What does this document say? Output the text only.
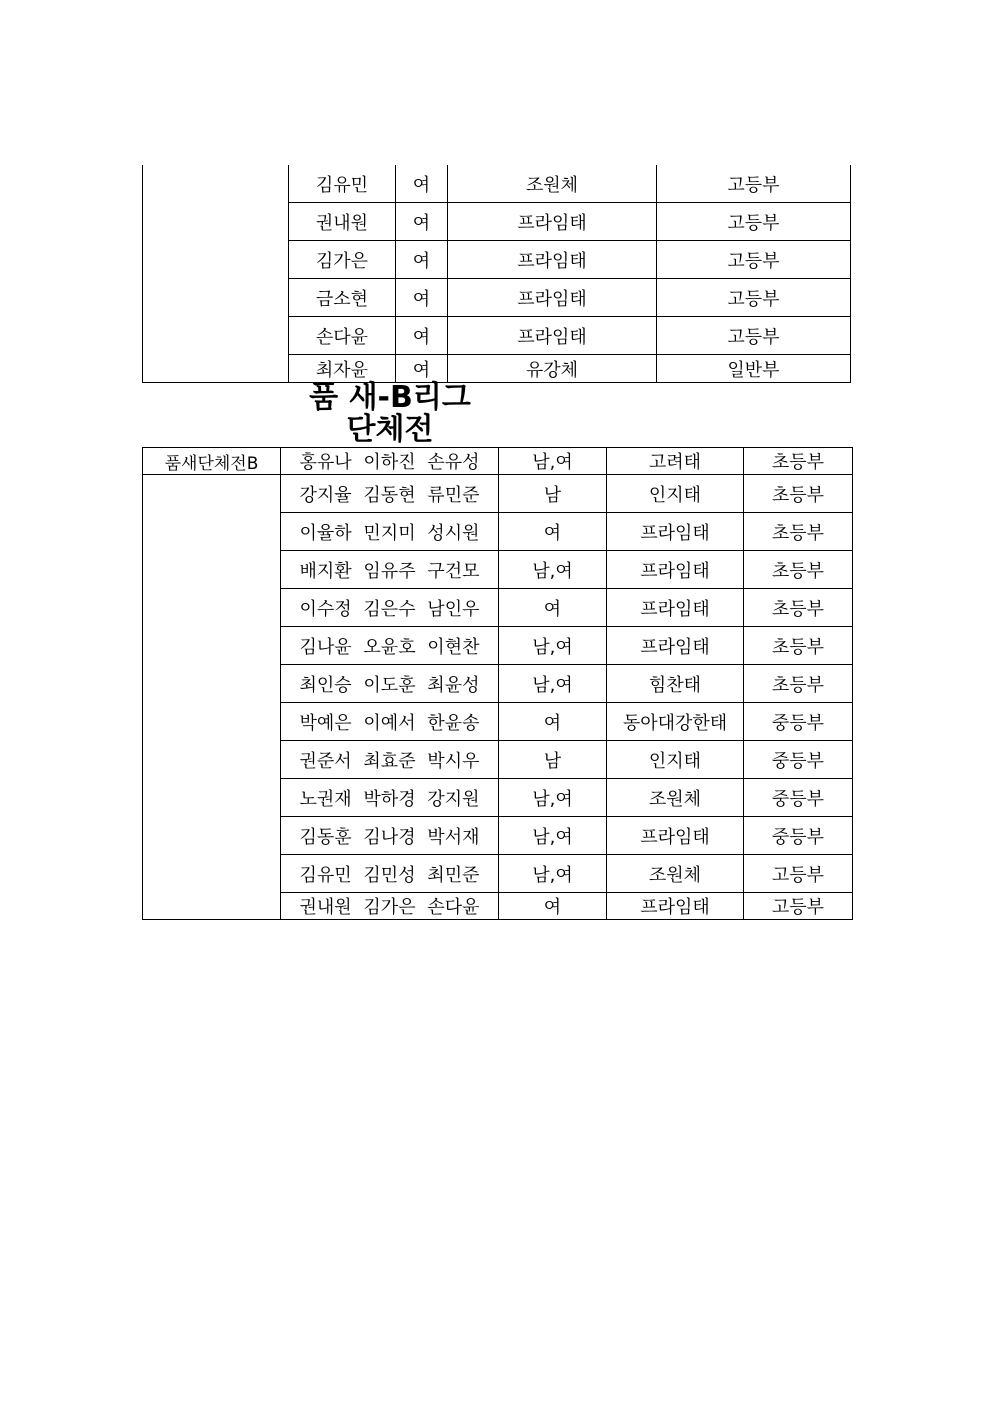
	김유민	여	조원체	고등부
	권내원	여	프라임태	고등부
	김가은	여	프라임태	고등부
	금소현	여	프라임태	고등부
	손다윤	여	프라임태	고등부
	최자윤	여	유강체	일반부
품 새-B리그
단체전
품새단체전B	홍유나 이하진 손유성	남,여	고려태	초등부
	강지율 김동현 류민준	남	인지태	초등부
	이율하 민지미 성시원	여	프라임태	초등부
	배지환 임유주 구건모	남,여	프라임태	초등부
	이수정 김은수 남인우	여	프라임태	초등부
	김나윤 오윤호 이현찬	남,여	프라임태	초등부
	최인승 이도훈 최윤성	남,여	힘찬태	초등부
	박예은 이예서 한윤송	여	동아대강한태	중등부
	권준서 최효준 박시우	남	인지태	중등부
	노권재 박하경 강지원	남,여	조원체	중등부
	김동훈 김나경 박서재	남,여	프라임태	중등부
	김유민 김민성 최민준	남,여	조원체	고등부
	권내원 김가은 손다윤	여	프라임태	고등부
